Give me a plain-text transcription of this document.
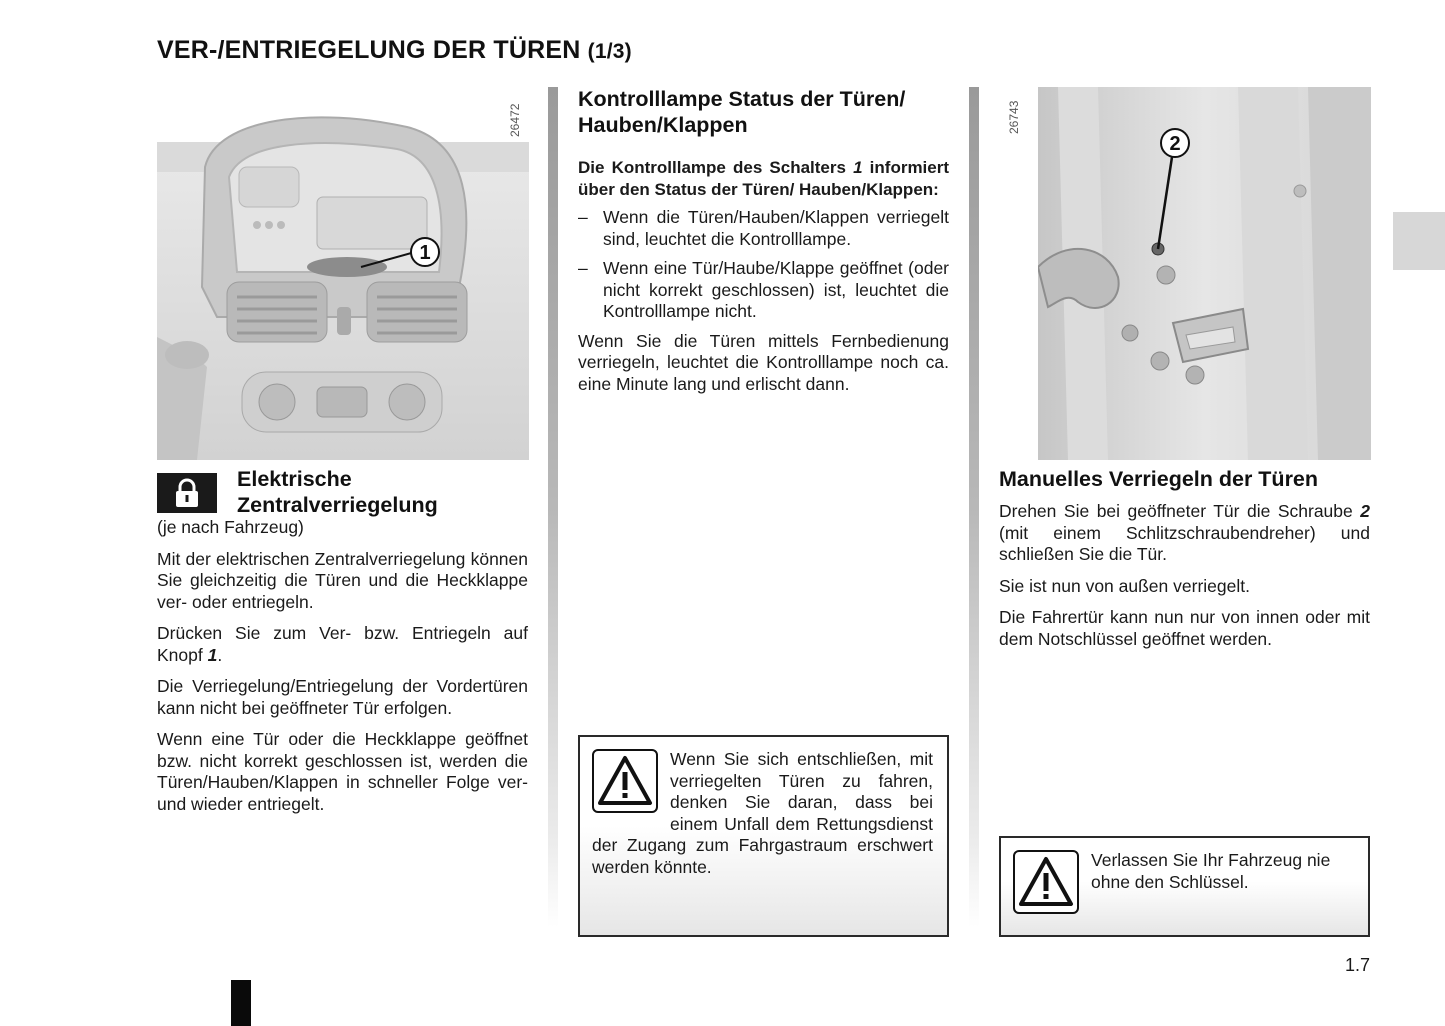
VER-/ENTRIEGELUNG DER TÜREN (1/3)
26472
1
Elektrische
Zentralverriegelung

(je nach Fahrzeug)

Mit der elektrischen Zentralverriegelung können Sie gleichzeitig die Türen und die Heckklappe ver- oder entriegeln.

Drücken Sie zum Ver- bzw. Entriegeln auf Knopf 1.

Die Verriegelung/Entriegelung der Vordertüren kann nicht bei geöffneter Tür erfolgen.

Wenn eine Tür oder die Heckklappe geöffnet bzw. nicht korrekt geschlossen ist, werden die Türen/Hauben/Klappen in schneller Folge ver- und wieder entriegelt.

Kontrolllampe Status der Türen/ Hauben/Klappen
Die Kontrolllampe des Schalters 1 informiert über den Status der Türen/ Hauben/Klappen:
– Wenn die Türen/Hauben/Klappen verriegelt sind, leuchtet die Kontrolllampe.
– Wenn eine Tür/Haube/Klappe geöffnet (oder nicht korrekt geschlossen) ist, leuchtet die Kontrolllampe nicht.

Wenn Sie die Türen mittels Fernbedienung verriegeln, leuchtet die Kontrolllampe noch ca. eine Minute lang und erlischt dann.

Wenn Sie sich entschließen, mit verriegelten Türen zu fahren, denken Sie daran, dass bei einem Unfall dem Rettungsdienst der Zugang zum Fahrgastraum erschwert werden könnte.
26743
2
Manuelles Verriegeln der Türen

Drehen Sie bei geöffneter Tür die Schraube 2 (mit einem Schlitzschraubendreher) und schließen Sie die Tür.

Sie ist nun von außen verriegelt.

Die Fahrertür kann nun nur von innen oder mit dem Notschlüssel geöffnet werden.

Verlassen Sie Ihr Fahrzeug nie ohne den Schlüssel.
1.7
